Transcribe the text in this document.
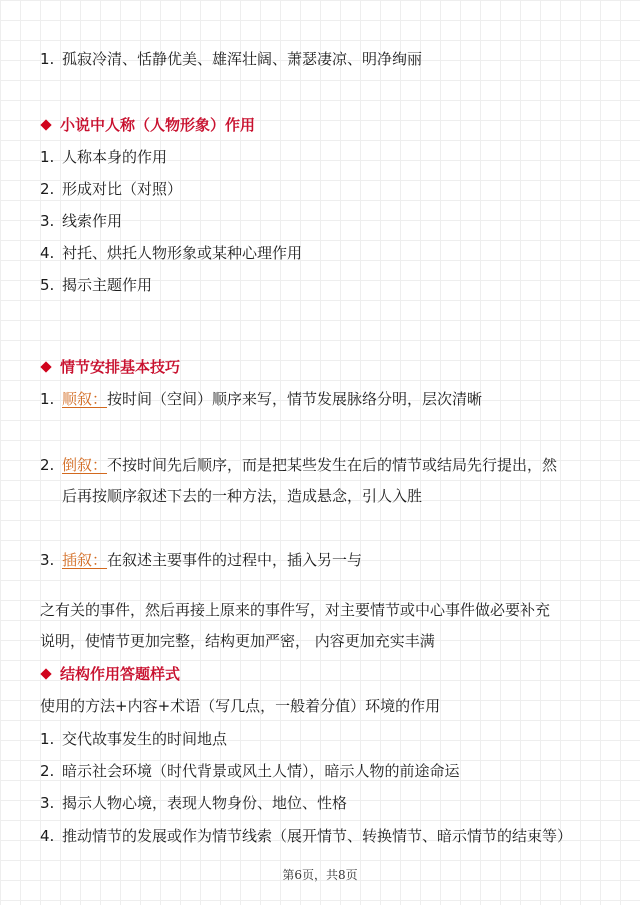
1. 孤寂冷清、恬静优美、雄浑壮阔、萧瑟凄凉、明净绚丽
小说中人称（人物形象）作用
1. 人称本身的作用
2. 形成对比（对照）
3. 线索作用
4. 衬托、烘托人物形象或某种心理作用
5. 揭示主题作用
情节安排基本技巧
1. 顺叙：按时间（空间）顺序来写，情节发展脉络分明，层次清晰
2. 倒叙：不按时间先后顺序，而是把某些发生在后的情节或结局先行提出，然
后再按顺序叙述下去的一种方法，造成悬念，引人入胜
3. 插叙：在叙述主要事件的过程中，插入另一与
之有关的事件，然后再接上原来的事件写，对主要情节或中心事件做必要补充
说明，使情节更加完整，结构更加严密， 内容更加充实丰满
结构作用答题样式
使用的方法+内容+术语（写几点，一般着分值）环境的作用
1. 交代故事发生的时间地点
2. 暗示社会环境（时代背景或风土人情），暗示人物的前途命运
3. 揭示人物心境，表现人物身份、地位、性格
4. 推动情节的发展或作为情节线索（展开情节、转换情节、暗示情节的结束等）
第6页，共8页
